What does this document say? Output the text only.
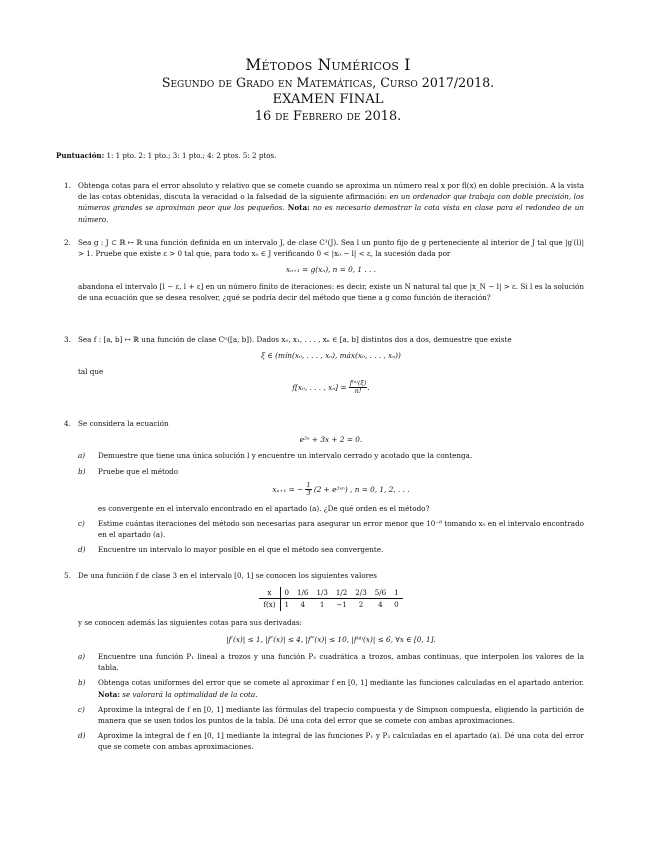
Métodos Numéricos I
Segundo de Grado en Matemáticas, Curso 2017/2018.
EXAMEN FINAL
16 de Febrero de 2018.
Puntuación: 1: 1 pto. 2: 1 pto.; 3: 1 pto.; 4: 2 ptos. 5: 2 ptos.
1. Obtenga cotas para el error absoluto y relativo que se comete cuando se aproxima un número real x por fl(x) en doble precisión. A la vista de las cotas obtenidas, discuta la veracidad o la falsedad de la siguiente afirmación: en un ordenador que trabaja con doble precisión, los números grandes se aproximan peor que los pequeños. Nota: no es necesario demostrar la cota vista en clase para el redondeo de un número.
2. Sea g : J ⊂ ℝ ↦ ℝ una función definida en un intervalo J, de clase C¹(J). Sea l un punto fijo de g perteneciente al interior de J tal que |g′(l)| > 1. Pruebe que existe ε > 0 tal que, para todo x₀ ∈ J verificando 0 < |x₀ − l| < ε, la sucesión dada por
xₙ₊₁ = g(xₙ), n = 0, 1 . . .
abandona el intervalo [l − ε, l + ε] en un número finito de iteraciones: es decir, existe un N natural tal que |x_N − l| > ε. Si l es la solución de una ecuación que se desea resolver, ¿qué se podría decir del método que tiene a g como función de iteración?
3. Sea f : [a, b] ↦ ℝ una función de clase Cⁿ([a, b]). Dados x₀, x₁, . . . , xₙ ∈ [a, b] distintos dos a dos, demuestre que existe
ξ ∈ (mín(x₀, . . . , xₙ), máx(x₀, . . . , xₙ))
tal que
f[x₀, . . . , $x_n] = \frac{\text{f⁽ⁿ⁾(ξ)}}{n!}$ .
4. Se considera la ecuación
e²ˣ + 3x + 2 = 0.
a) Demuestre que tiene una única solución l y encuentre un intervalo cerrado y acotado que la contenga.
b) Pruebe que el método
xₙ₊₁ = − $\frac{1}{3} (2$ + e²ˣⁿ) , n = 0, 1, 2, . . .
es convergente en el intervalo encontrado en el apartado (a). ¿De qué orden es el método?
c) Estime cuántas iteraciones del método son necesarias para asegurar un error menor que 10⁻⁸ tomando x₀ en el intervalo encontrado en el apartado (a).
d) Encuentre un intervalo lo mayor posible en el que el método sea convergente.
5. De una función f de clase 3 en el intervalo [0, 1] se conocen los siguientes valores
x	0	1/6	1/3	1/2	2/3	5/6	1
f(x)	1	4	1	−1	2	4	0
y se conocen además las siguientes cotas para sus derivadas:
|f′(x)| ≤ 1, |f″(x)| ≤ 4, |f‴(x)| ≤ 10, |f⁽⁴⁾(x)| ≤ 6, ∀x ∈ [0, 1].
a) Encuentre una función P₁ lineal a trozos y una función P₂ cuadrática a trozos, ambas continuas, que interpolen los valores de la tabla.
b) Obtenga cotas uniformes del error que se comete al aproximar f en [0, 1] mediante las funciones calculadas en el apartado anterior. Nota: se valorará la optimalidad de la cota.
c) Aproxime la integral de f en [0, 1] mediante las fórmulas del trapecio compuesta y de Simpson compuesta, eligiendo la partición de manera que se usen todos los puntos de la tabla. Dé una cota del error que se comete con ambas aproximaciones.
d) Aproxime la integral de f en [0, 1] mediante la integral de las funciones P₁ y P₂ calculadas en el apartado (a). Dé una cota del error que se comete con ambas aproximaciones.
